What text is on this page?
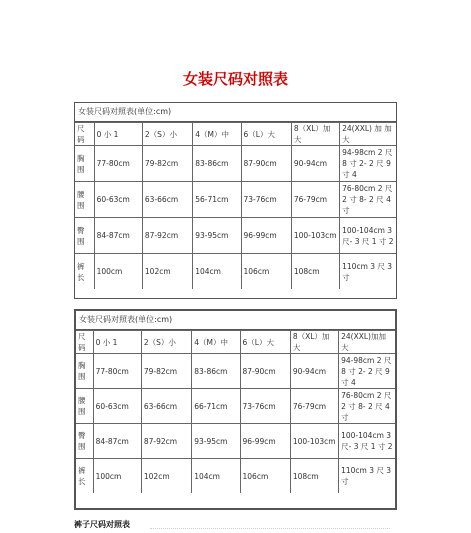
女装尺码对照表
女装尺码对照表(单位:cm)
尺码	0 小 1	2（S）小	4（M）中	6（L）大	8（XL）加大	24(XXL) 加 加大
胸围	77-80cm	79-82cm	83-86cm	87-90cm	90-94cm	94-98cm 2 尺 8 寸 2- 2 尺 9 寸 4
腰围	60-63cm	63-66cm	56-71cm	73-76cm	76-79cm	76-80cm 2 尺 2 寸 8- 2 尺 4 寸
臀围	84-87cm	87-92cm	93-95cm	96-99cm	100-103cm	100-104cm 3 尺- 3 尺 1 寸 2
裤长	100cm	102cm	104cm	106cm	108cm	110cm 3 尺 3 寸
女装尺码对照表(单位:cm)
尺码	0 小 1	2（S）小	4（M）中	6（L）大	8（XL）加大	24(XXL)加加大
胸围	77-80cm	79-82cm	83-86cm	87-90cm	90-94cm	94-98cm 2 尺 8 寸 2- 2 尺 9 寸 4
腰围	60-63cm	63-66cm	66-71cm	73-76cm	76-79cm	76-80cm 2 尺 2 寸 8- 2 尺 4 寸
臀围	84-87cm	87-92cm	93-95cm	96-99cm	100-103cm	100-104cm 3 尺- 3 尺 1 寸 2
裤长	100cm	102cm	104cm	106cm	108cm	110cm 3 尺 3 寸
裤子尺码对照表
